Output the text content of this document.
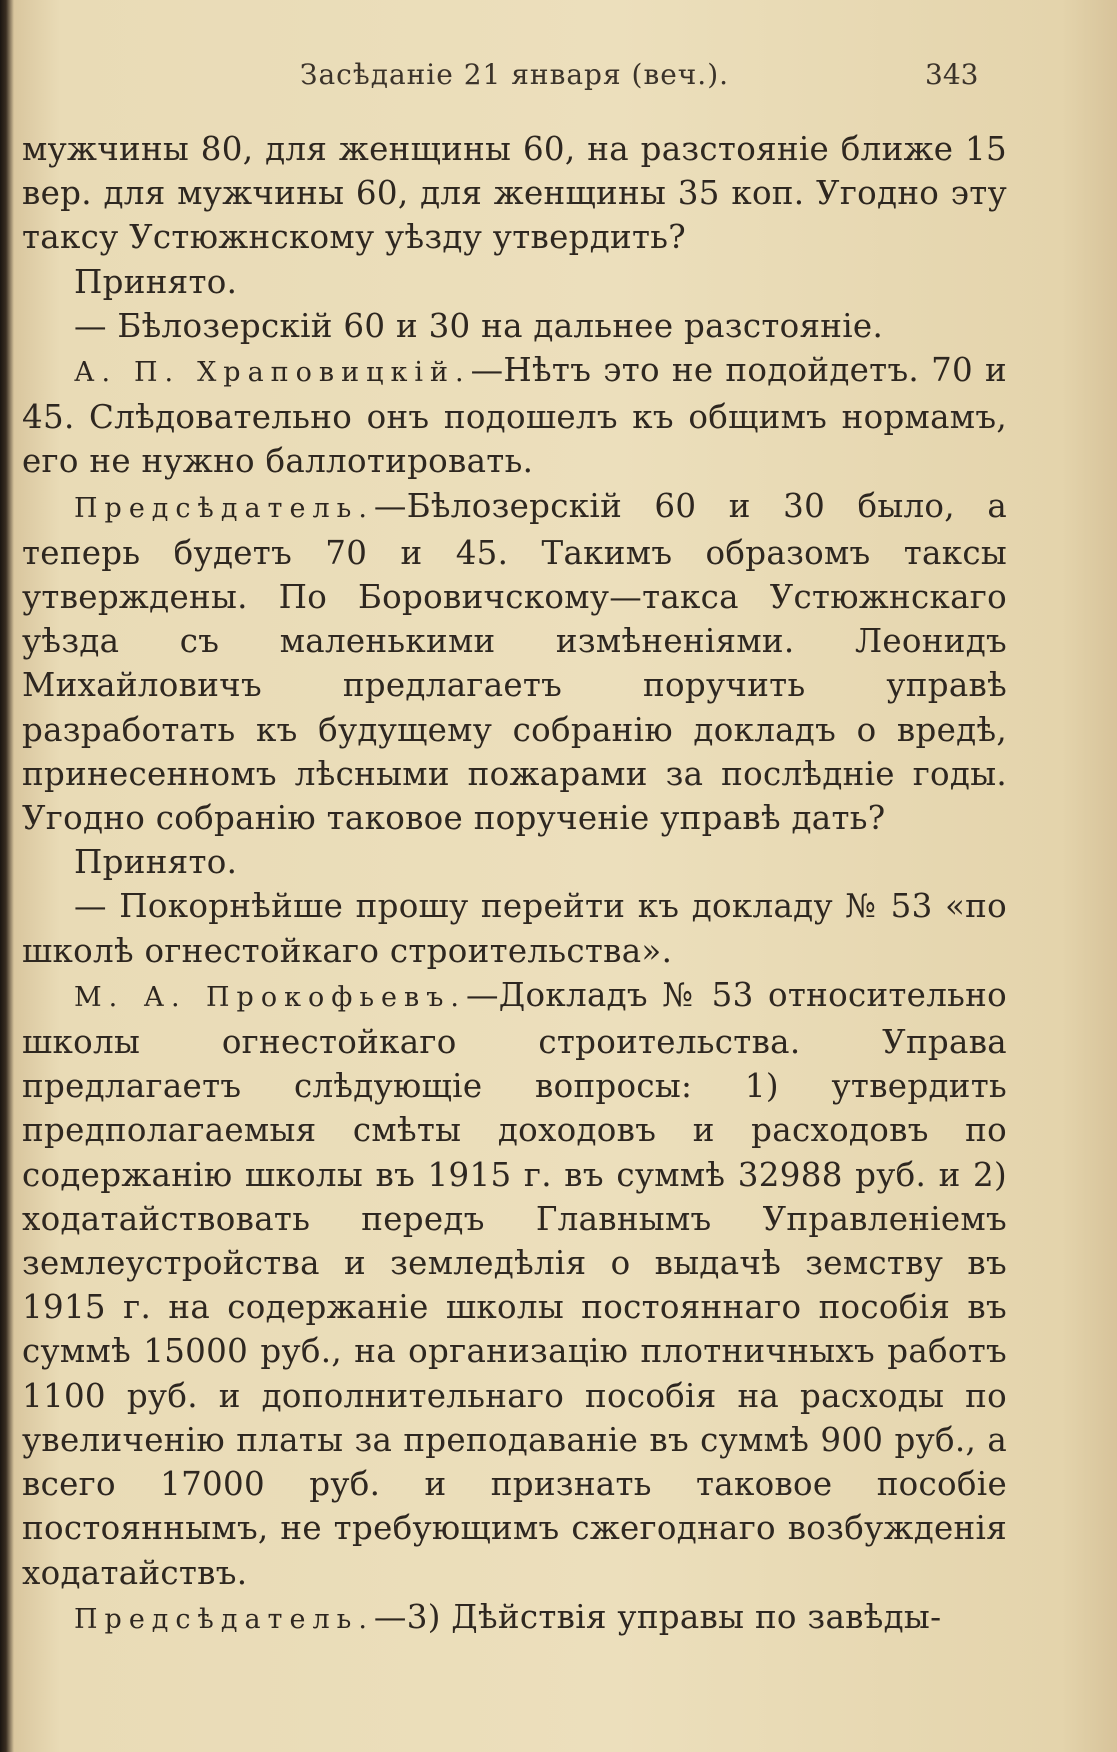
Засѣданіе 21 января (веч.).	343

мужчины 80, для женщины 60, на разстояніе ближе 15 вер. для мужчины 60, для женщины 35 коп. Угодно эту таксу Устюжнскому уѣзду утвердить?

Принято.

— Бѣлозерскій 60 и 30 на дальнее разстояніе.

А. П. Храповицкій.—Нѣтъ это не подойдетъ. 70 и 45. Слѣдовательно онъ подошелъ къ общимъ нормамъ, его не нужно баллотировать.

Предсѣдатель.—Бѣлозерскій 60 и 30 было, а теперь будетъ 70 и 45. Такимъ образомъ таксы утверждены. По Боровичскому—такса Устюжнскаго уѣзда съ маленькими измѣненіями. Леонидъ Михайловичъ предлагаетъ поручить управѣ разработать къ будущему собранію докладъ о вредѣ, принесенномъ лѣсными пожарами за послѣдніе годы. Угодно собранію таковое порученіе управѣ дать?

Принято.

— Покорнѣйше прошу перейти къ докладу № 53 «по школѣ огнестойкаго строительства».

М. А. Прокофьевъ.—Докладъ № 53 относительно школы огнестойкаго строительства. Управа предлагаетъ слѣдующіе вопросы: 1) утвердить предполагаемыя смѣты доходовъ и расходовъ по содержанію школы въ 1915 г. въ суммѣ 32988 руб. и 2) ходатайствовать передъ Главнымъ Управленіемъ землеустройства и земледѣлія о выдачѣ земству въ 1915 г. на содержаніе школы постояннаго пособія въ суммѣ 15000 руб., на организацію плотничныхъ работъ 1100 руб. и дополнительнаго пособія на расходы по увеличенію платы за преподаваніе въ суммѣ 900 руб., а всего 17000 руб. и признать таковое пособіе постояннымъ, не требующимъ сжегоднаго возбужденія ходатайствъ.

Предсѣдатель.—3) Дѣйствія управы по завѣды-
